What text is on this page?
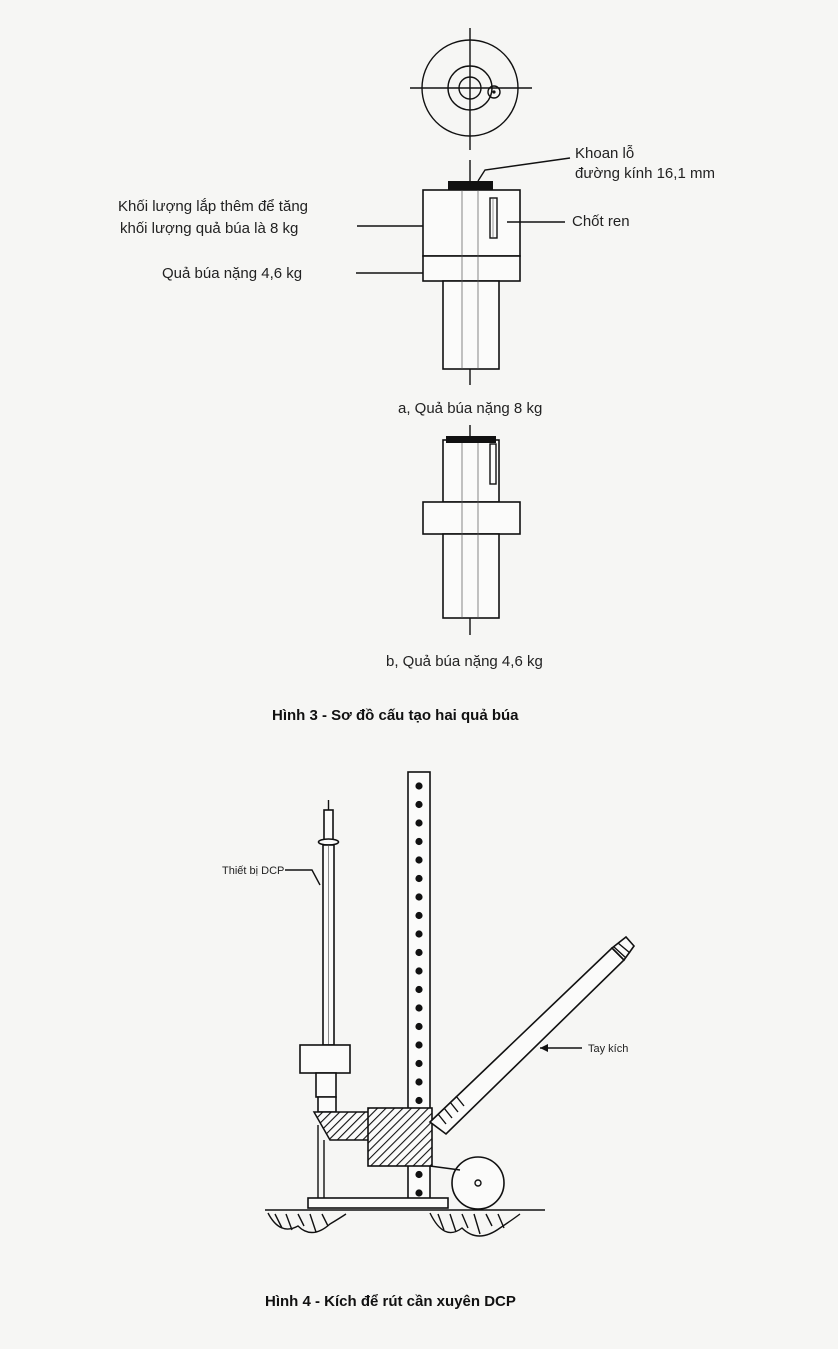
Khoan lỗ
đường kính 16,1 mm
Khối lượng lắp thêm để tăng
khối lượng quả búa là 8 kg	Chốt ren
Quả búa nặng 4,6 kg
a, Quả búa nặng 8 kg
b, Quả búa nặng 4,6 kg
Hình 3 - Sơ đồ cấu tạo hai quả búa
Thiết bị DCP
Tay kích
Hình 4 - Kích để rút cần xuyên DCP
